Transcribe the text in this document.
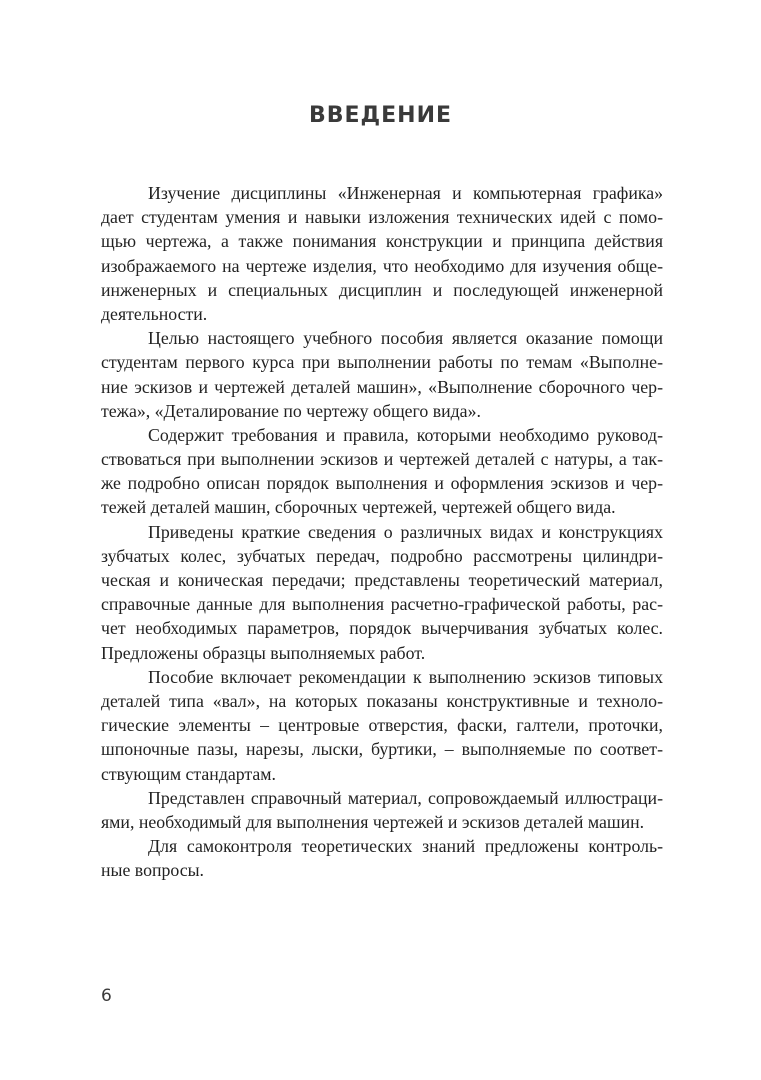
ВВЕДЕНИЕ
Изучение дисциплины «Инженерная и компьютерная графика»
дает студентам умения и навыки изложения технических идей с помо-
щью чертежа, а также понимания конструкции и принципа действия
изображаемого на чертеже изделия, что необходимо для изучения обще-
инженерных и специальных дисциплин и последующей инженерной
деятельности.
Целью настоящего учебного пособия является оказание помощи
студентам первого курса при выполнении работы по темам «Выполне-
ние эскизов и чертежей деталей машин», «Выполнение сборочного чер-
тежа», «Деталирование по чертежу общего вида».
Содержит требования и правила, которыми необходимо руковод-
ствоваться при выполнении эскизов и чертежей деталей с натуры, а так-
же подробно описан порядок выполнения и оформления эскизов и чер-
тежей деталей машин, сборочных чертежей, чертежей общего вида.
Приведены краткие сведения о различных видах и конструкциях
зубчатых колес, зубчатых передач, подробно рассмотрены цилиндри-
ческая и коническая передачи; представлены теоретический материал,
справочные данные для выполнения расчетно-графической работы, рас-
чет необходимых параметров, порядок вычерчивания зубчатых колес.
Предложены образцы выполняемых работ.
Пособие включает рекомендации к выполнению эскизов типовых
деталей типа «вал», на которых показаны конструктивные и техноло-
гические элементы – центровые отверстия, фаски, галтели, проточки,
шпоночные пазы, нарезы, лыски, буртики, – выполняемые по соответ-
ствующим стандартам.
Представлен справочный материал, сопровождаемый иллюстраци-
ями, необходимый для выполнения чертежей и эскизов деталей машин.
Для самоконтроля теоретических знаний предложены контроль-
ные вопросы.
6
